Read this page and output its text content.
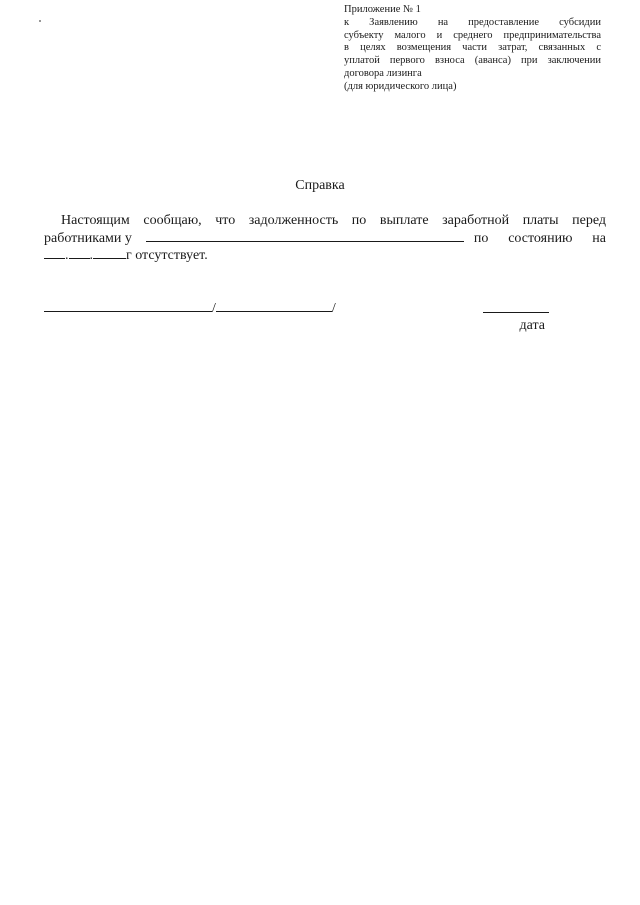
Приложение № 1
к Заявлению на предоставление субсидии
субъекту малого и среднего предпринимательства
в целях возмещения части затрат, связанных с
уплатой первого взноса (аванса) при заключении
договора лизинга
(для юридического лица)
Справка
Настоящим сообщаю, что задолженность по выплате заработной платы перед
работниками у	по состоянию на
. . г отсутствует.
/	/
дата
